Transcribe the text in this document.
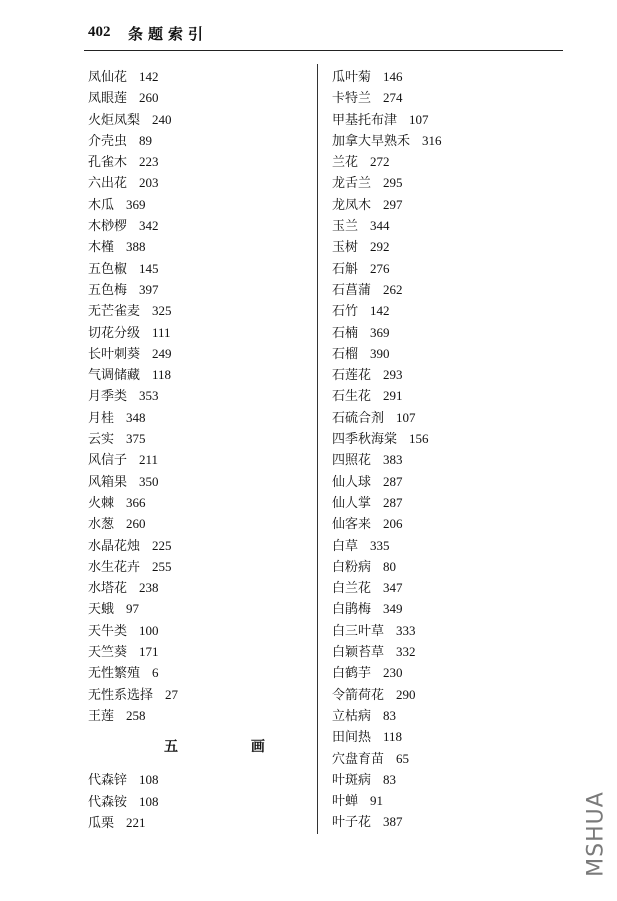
402 条题索引
凤仙花 142
凤眼莲 260
火炬凤梨 240
介壳虫 89
孔雀木 223
六出花 203
木瓜 369
木桫椤 342
木槿 388
五色椒 145
五色梅 397
无芒雀麦 325
切花分级 111
长叶刺葵 249
气调储藏 118
月季类 353
月桂 348
云实 375
风信子 211
风箱果 350
火棘 366
水葱 260
水晶花烛 225
水生花卉 255
水塔花 238
天蛾 97
天牛类 100
天竺葵 171
无性繁殖 6
无性系选择 27
王莲 258
五 画
代森锌 108
代森铵 108
瓜栗 221
瓜叶菊 146
卡特兰 274
甲基托布津 107
加拿大早熟禾 316
兰花 272
龙舌兰 295
龙凤木 297
玉兰 344
玉树 292
石斛 276
石菖蒲 262
石竹 142
石楠 369
石榴 390
石莲花 293
石生花 291
石硫合剂 107
四季秋海棠 156
四照花 383
仙人球 287
仙人掌 287
仙客来 206
白草 335
白粉病 80
白兰花 347
白鹃梅 349
白三叶草 333
白颖苔草 332
白鹤芋 230
令箭荷花 290
立枯病 83
田间热 118
穴盘育苗 65
叶斑病 83
叶蝉 91
叶子花 387	MSHUA
